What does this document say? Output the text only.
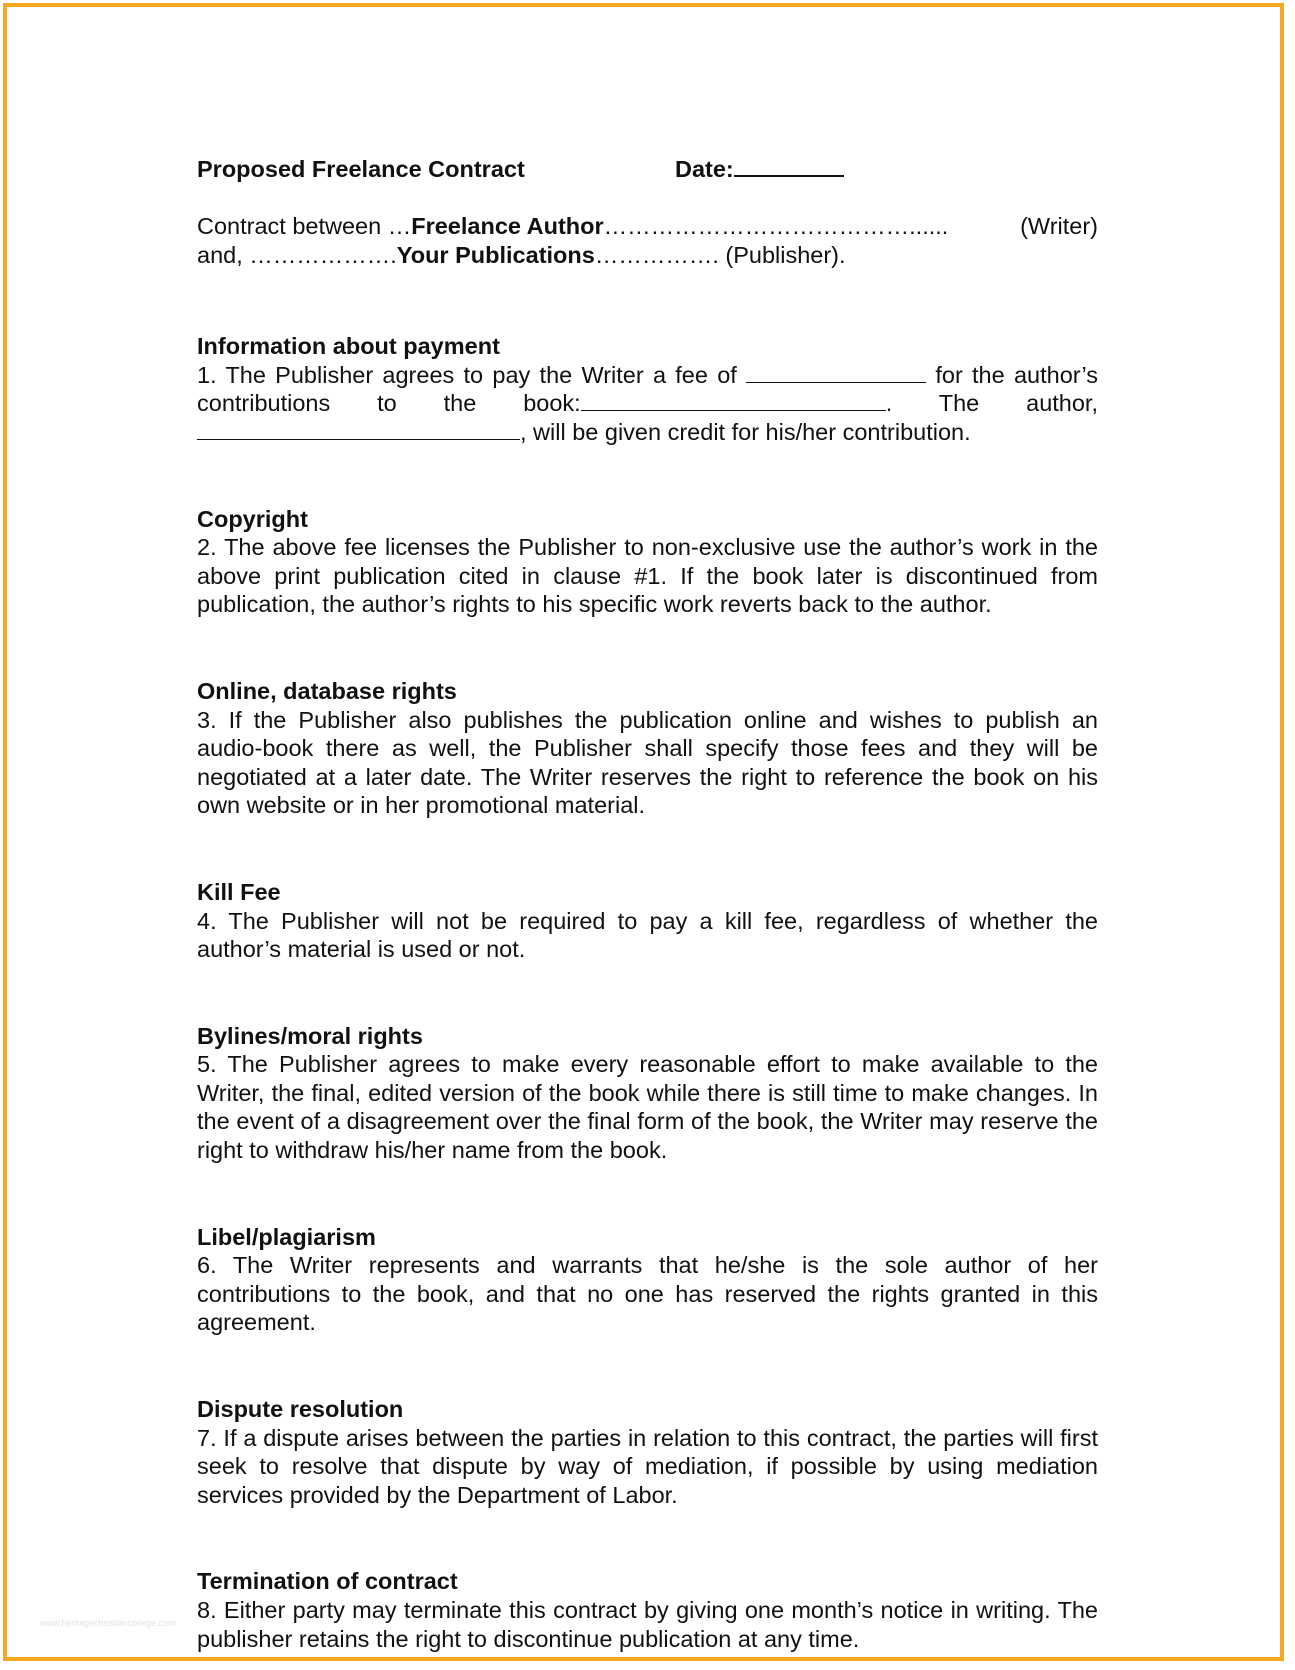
Proposed Freelance Contract	Date:
Contract between …Freelance Author…………………………………......	(Writer)
and, ……………….Your Publications……………. (Publisher).
Information about payment

1. The Publisher agrees to pay the Writer a fee of	for the author’s contributions to the book:	. The author, , will be given credit for his/her contribution.

Copyright

2. The above fee licenses the Publisher to non-exclusive use the author’s work in the above print publication cited in clause #1. If the book later is discontinued from publication, the author’s rights to his specific work reverts back to the author.

Online, database rights

3. If the Publisher also publishes the publication online and wishes to publish an audio-book there as well, the Publisher shall specify those fees and they will be negotiated at a later date. The Writer reserves the right to reference the book on his own website or in her promotional material.

Kill Fee

4. The Publisher will not be required to pay a kill fee, regardless of whether the author’s material is used or not.

Bylines/moral rights

5. The Publisher agrees to make every reasonable effort to make available to the Writer, the final, edited version of the book while there is still time to make changes. In the event of a disagreement over the final form of the book, the Writer may reserve the right to withdraw his/her name from the book.

Libel/plagiarism

6. The Writer represents and warrants that he/she is the sole author of her contributions to the book, and that no one has reserved the rights granted in this agreement.

Dispute resolution

7. If a dispute arises between the parties in relation to this contract, the parties will first seek to resolve that dispute by way of mediation, if possible by using mediation services provided by the Department of Labor.

Termination of contract

8. Either party may terminate this contract by giving one month’s notice in writing. The publisher retains the right to discontinue publication at any time.

www.heritagechristiancollege.com
